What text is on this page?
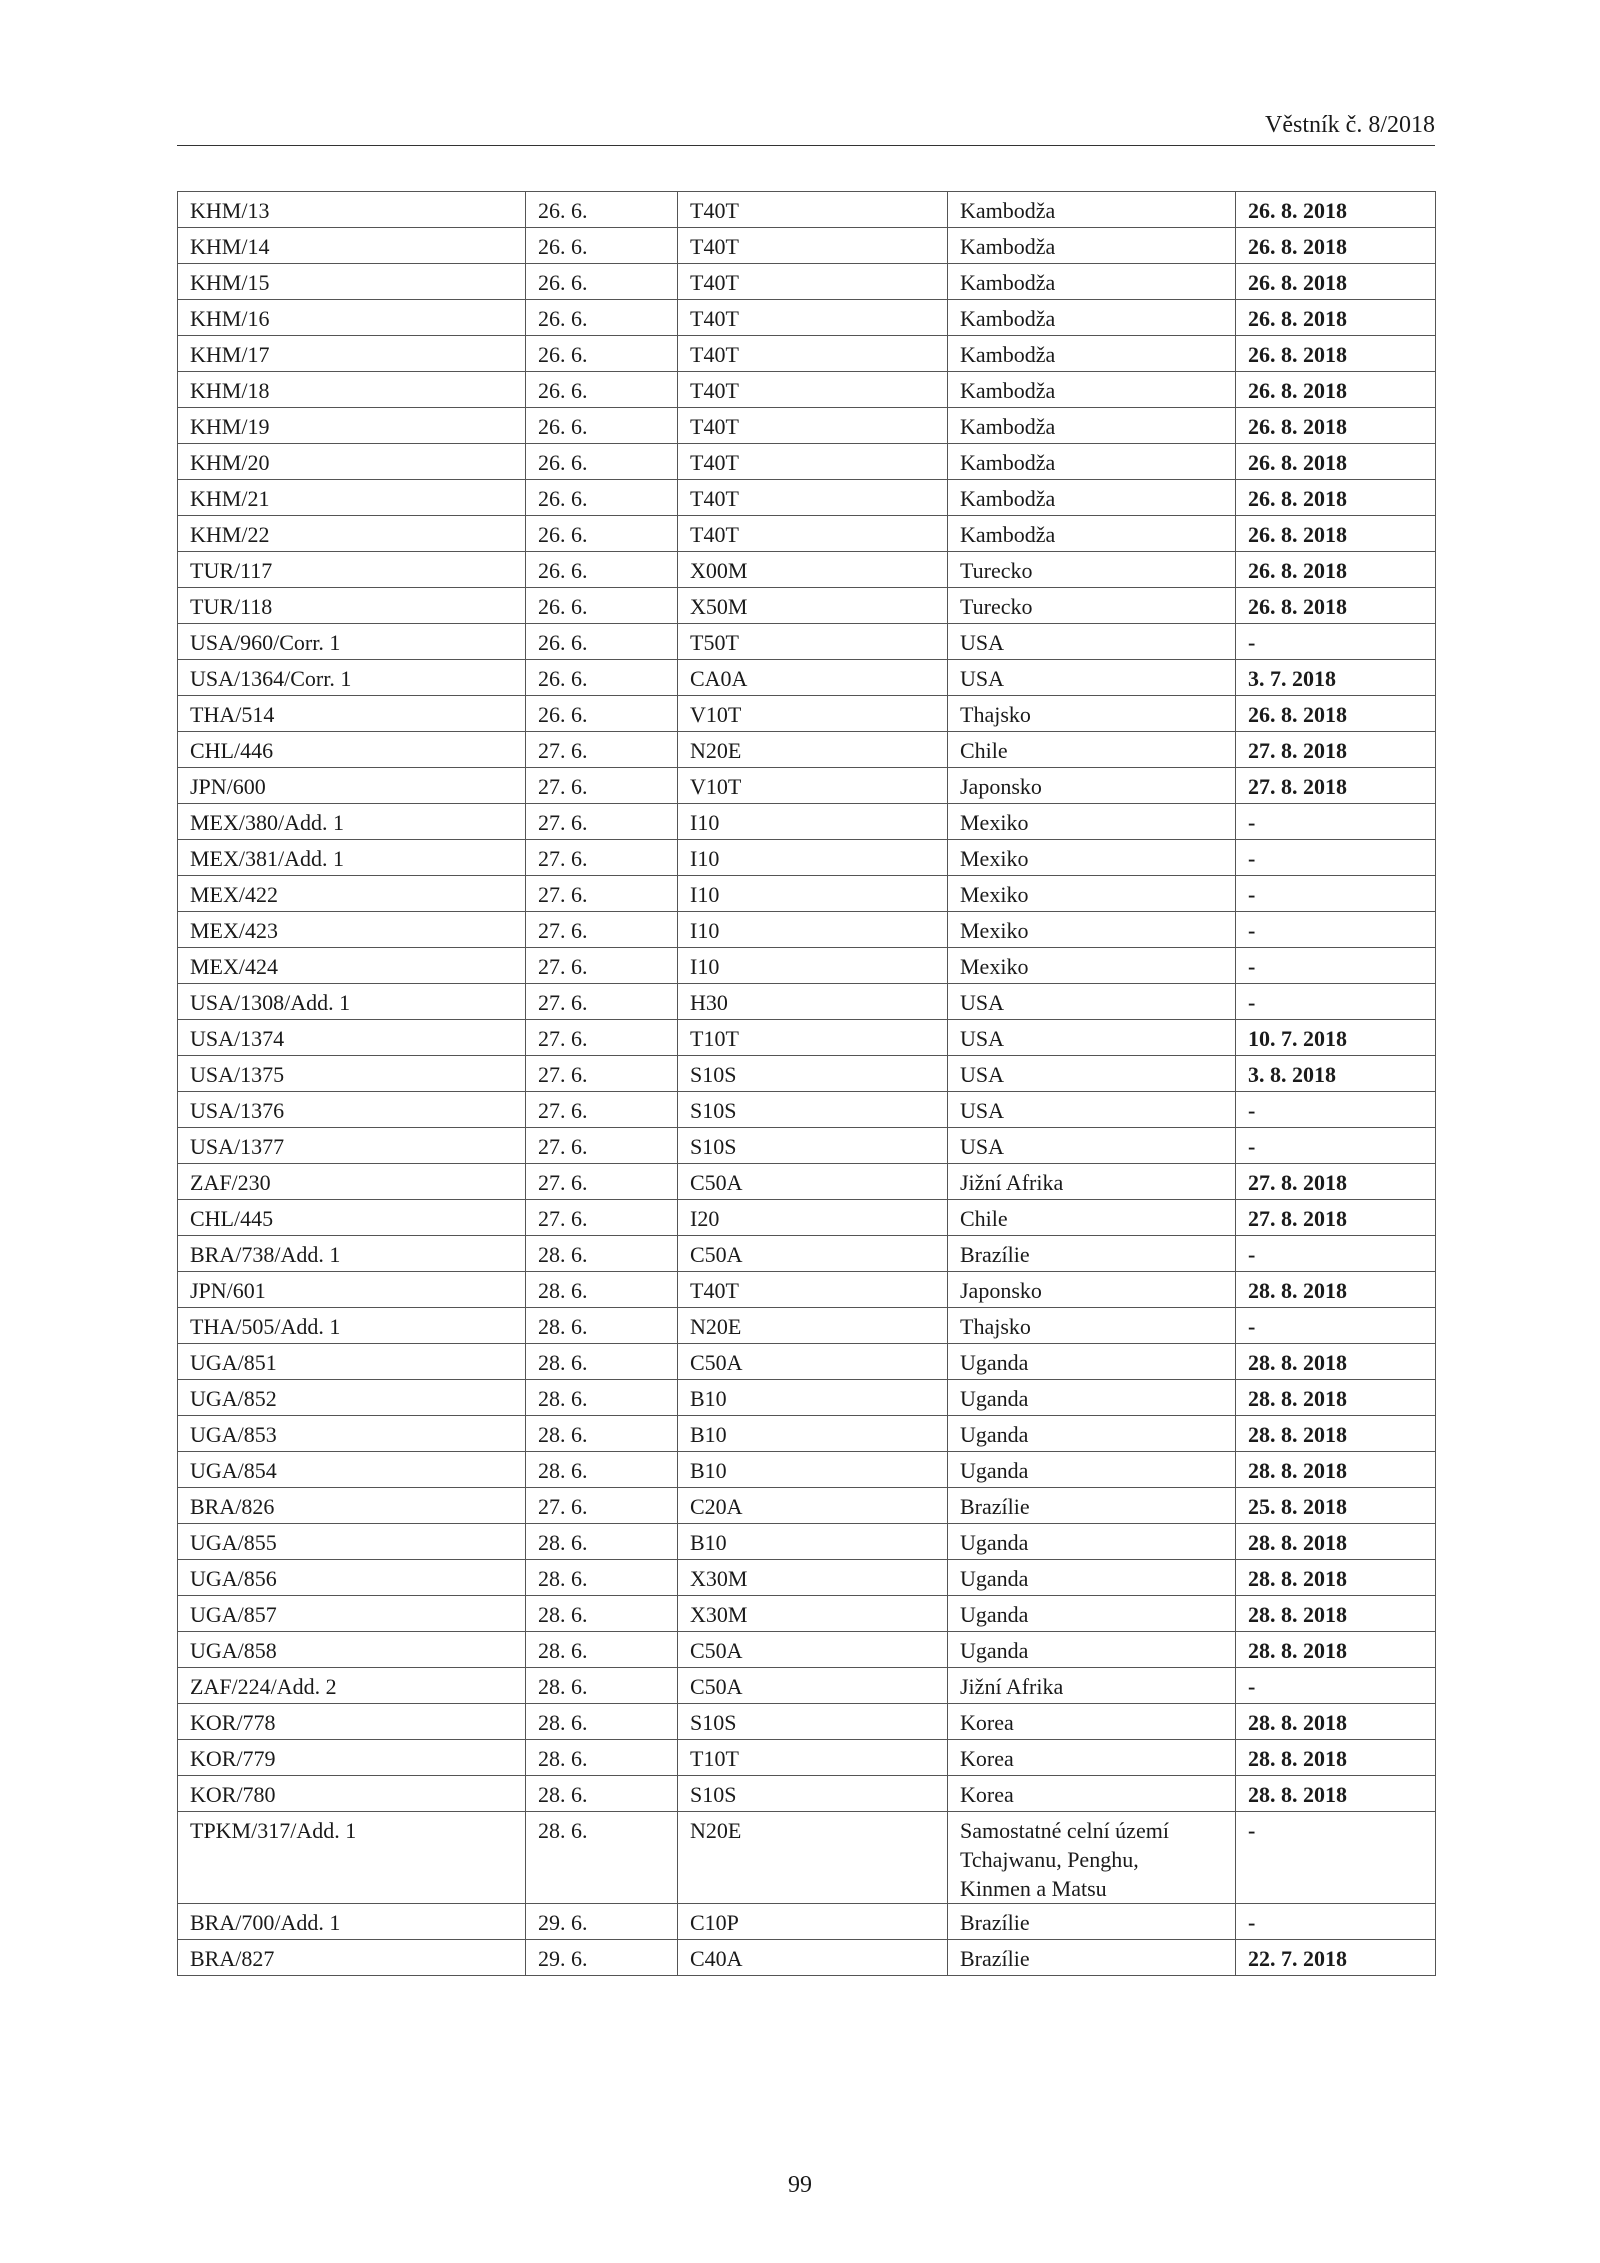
Věstník č. 8/2018
KHM/13	26. 6.	T40T	Kambodža	26. 8. 2018
KHM/14	26. 6.	T40T	Kambodža	26. 8. 2018
KHM/15	26. 6.	T40T	Kambodža	26. 8. 2018
KHM/16	26. 6.	T40T	Kambodža	26. 8. 2018
KHM/17	26. 6.	T40T	Kambodža	26. 8. 2018
KHM/18	26. 6.	T40T	Kambodža	26. 8. 2018
KHM/19	26. 6.	T40T	Kambodža	26. 8. 2018
KHM/20	26. 6.	T40T	Kambodža	26. 8. 2018
KHM/21	26. 6.	T40T	Kambodža	26. 8. 2018
KHM/22	26. 6.	T40T	Kambodža	26. 8. 2018
TUR/117	26. 6.	X00M	Turecko	26. 8. 2018
TUR/118	26. 6.	X50M	Turecko	26. 8. 2018
USA/960/Corr. 1	26. 6.	T50T	USA	-
USA/1364/Corr. 1	26. 6.	CA0A	USA	3. 7. 2018
THA/514	26. 6.	V10T	Thajsko	26. 8. 2018
CHL/446	27. 6.	N20E	Chile	27. 8. 2018
JPN/600	27. 6.	V10T	Japonsko	27. 8. 2018
MEX/380/Add. 1	27. 6.	I10	Mexiko	-
MEX/381/Add. 1	27. 6.	I10	Mexiko	-
MEX/422	27. 6.	I10	Mexiko	-
MEX/423	27. 6.	I10	Mexiko	-
MEX/424	27. 6.	I10	Mexiko	-
USA/1308/Add. 1	27. 6.	H30	USA	-
USA/1374	27. 6.	T10T	USA	10. 7. 2018
USA/1375	27. 6.	S10S	USA	3. 8. 2018
USA/1376	27. 6.	S10S	USA	-
USA/1377	27. 6.	S10S	USA	-
ZAF/230	27. 6.	C50A	Jižní Afrika	27. 8. 2018
CHL/445	27. 6.	I20	Chile	27. 8. 2018
BRA/738/Add. 1	28. 6.	C50A	Brazílie	-
JPN/601	28. 6.	T40T	Japonsko	28. 8. 2018
THA/505/Add. 1	28. 6.	N20E	Thajsko	-
UGA/851	28. 6.	C50A	Uganda	28. 8. 2018
UGA/852	28. 6.	B10	Uganda	28. 8. 2018
UGA/853	28. 6.	B10	Uganda	28. 8. 2018
UGA/854	28. 6.	B10	Uganda	28. 8. 2018
BRA/826	27. 6.	C20A	Brazílie	25. 8. 2018
UGA/855	28. 6.	B10	Uganda	28. 8. 2018
UGA/856	28. 6.	X30M	Uganda	28. 8. 2018
UGA/857	28. 6.	X30M	Uganda	28. 8. 2018
UGA/858	28. 6.	C50A	Uganda	28. 8. 2018
ZAF/224/Add. 2	28. 6.	C50A	Jižní Afrika	-
KOR/778	28. 6.	S10S	Korea	28. 8. 2018
KOR/779	28. 6.	T10T	Korea	28. 8. 2018
KOR/780	28. 6.	S10S	Korea	28. 8. 2018
TPKM/317/Add. 1	28. 6.	N20E	Samostatné celní území Tchajwanu, Penghu, Kinmen a Matsu	-
BRA/700/Add. 1	29. 6.	C10P	Brazílie	-
BRA/827	29. 6.	C40A	Brazílie	22. 7. 2018
99
